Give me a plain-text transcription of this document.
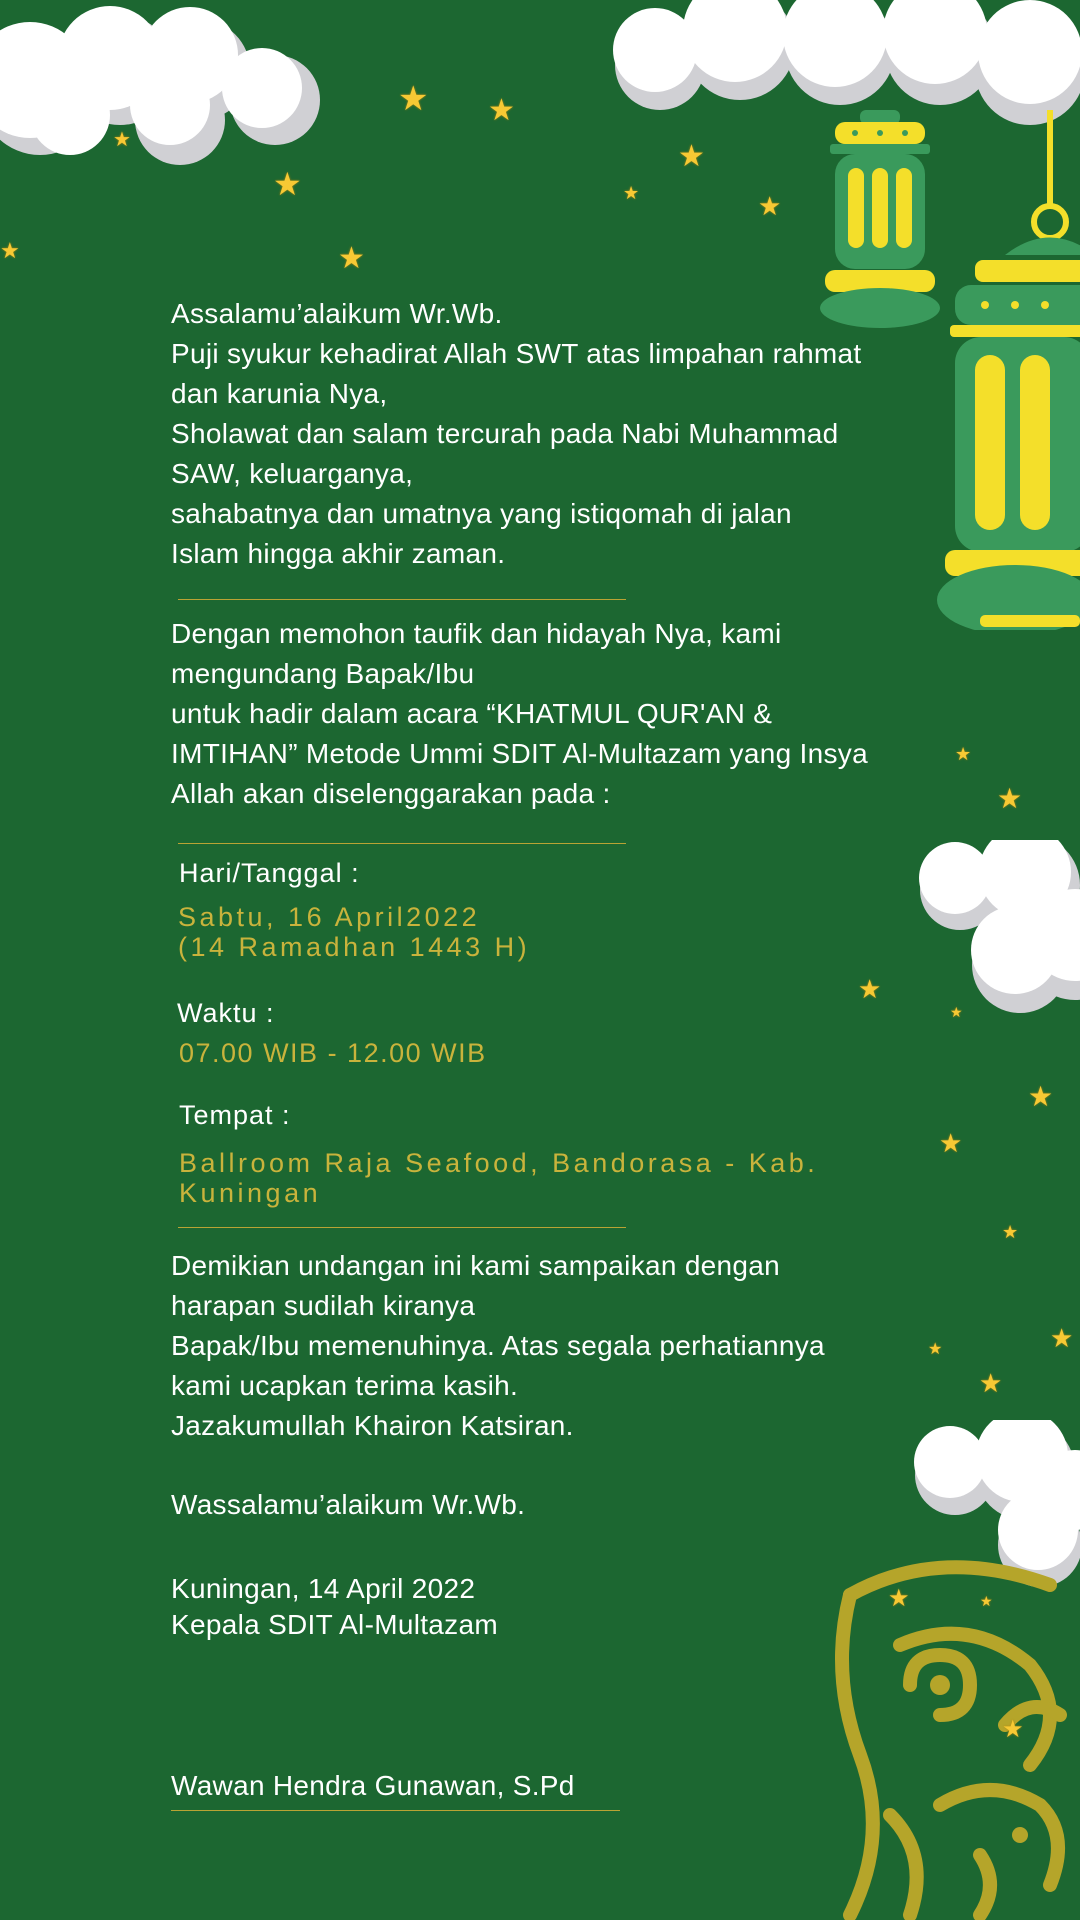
★ ★
★
★	★
★
★
★
★
★
★
★
★
★
★
★
★
★
★
★	★
★
Assalamu’alaikum Wr.Wb.

Puji syukur kehadirat Allah SWT atas limpahan rahmat

dan karunia Nya,

Sholawat dan salam tercurah pada Nabi Muhammad

SAW, keluarganya,

sahabatnya dan umatnya yang istiqomah di jalan

Islam hingga akhir zaman.

Dengan memohon taufik dan hidayah Nya, kami

mengundang Bapak/Ibu

untuk hadir dalam acara “KHATMUL QUR'AN &

IMTIHAN” Metode Ummi SDIT Al-Multazam yang Insya

Allah akan diselenggarakan pada :

Hari/Tanggal :
Sabtu, 16 April2022
(14 Ramadhan 1443 H)
Waktu :
07.00 WIB - 12.00 WIB
Tempat :
Ballroom Raja Seafood, Bandorasa - Kab.
Kuningan

Demikian undangan ini kami sampaikan dengan

harapan sudilah kiranya

Bapak/Ibu memenuhinya. Atas segala perhatiannya

kami ucapkan terima kasih.

Jazakumullah Khairon Katsiran.

Wassalamu’alaikum Wr.Wb.

Kuningan, 14 April 2022

Kepala SDIT Al-Multazam

Wawan Hendra Gunawan, S.Pd
